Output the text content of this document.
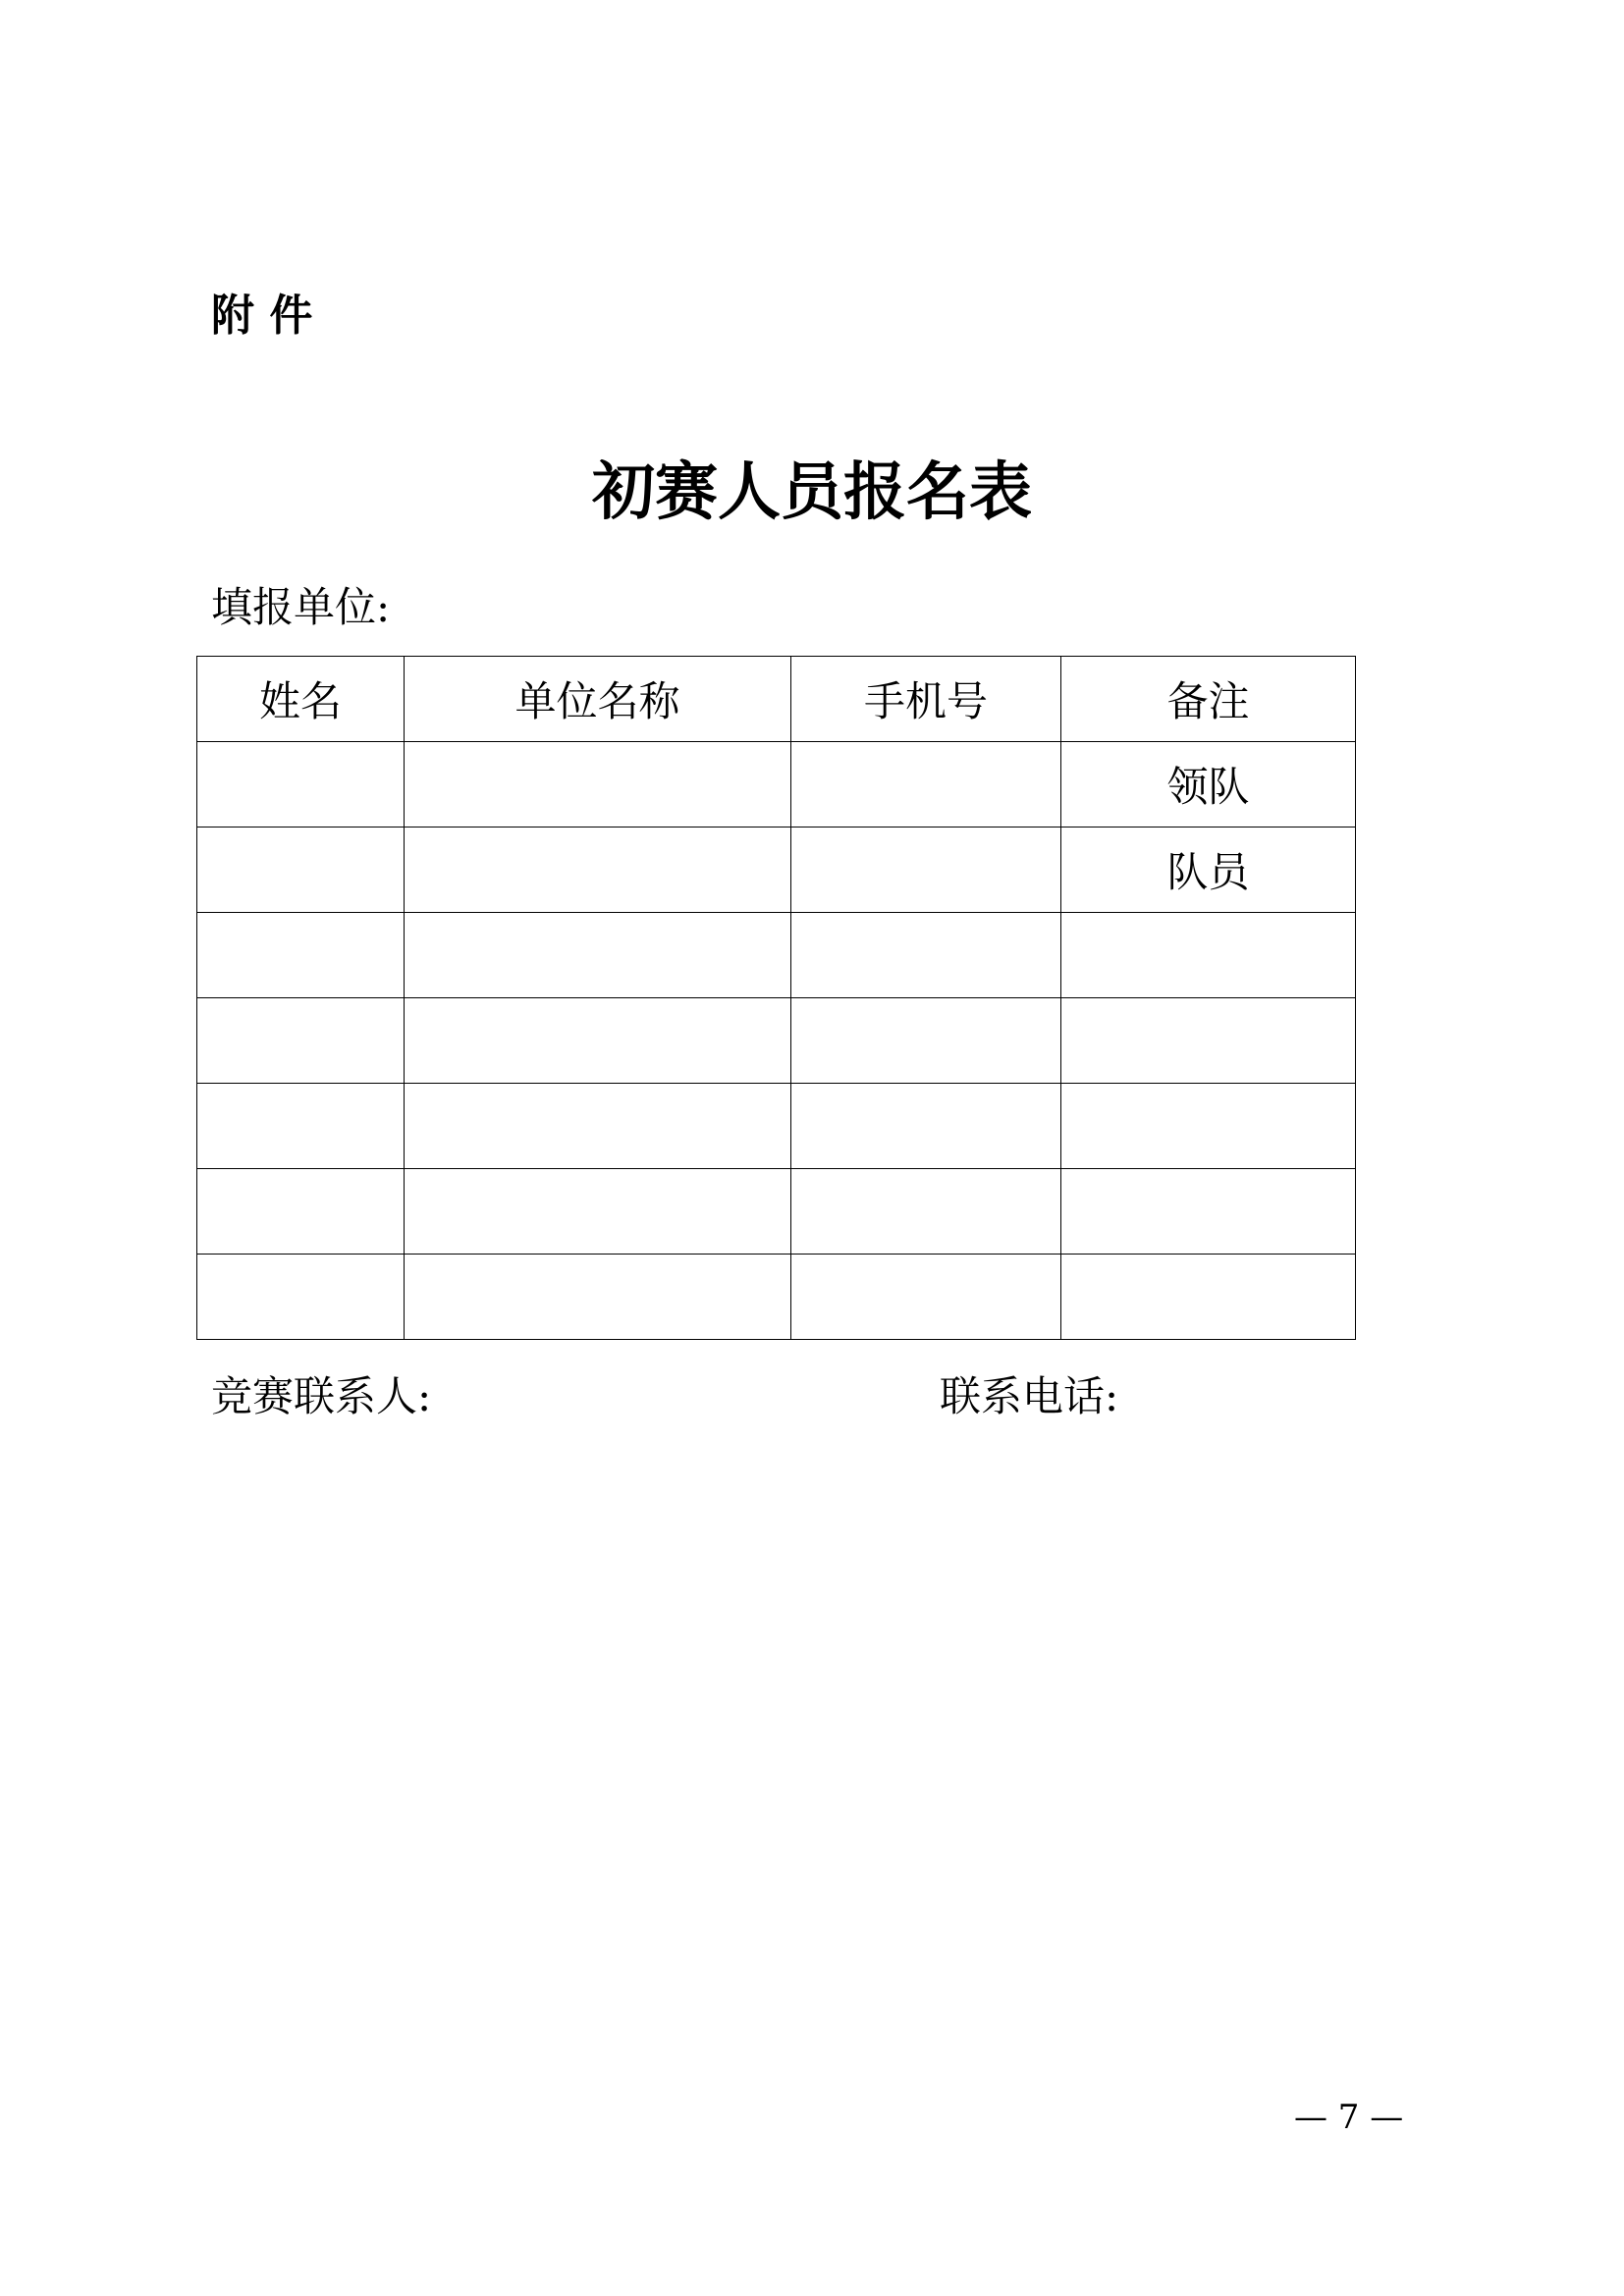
附 件
初赛人员报名表
填报单位:
姓名	单位名称	手机号	备注
			领队
			队员

竞赛联系人:	联系电话:
— 7 —
